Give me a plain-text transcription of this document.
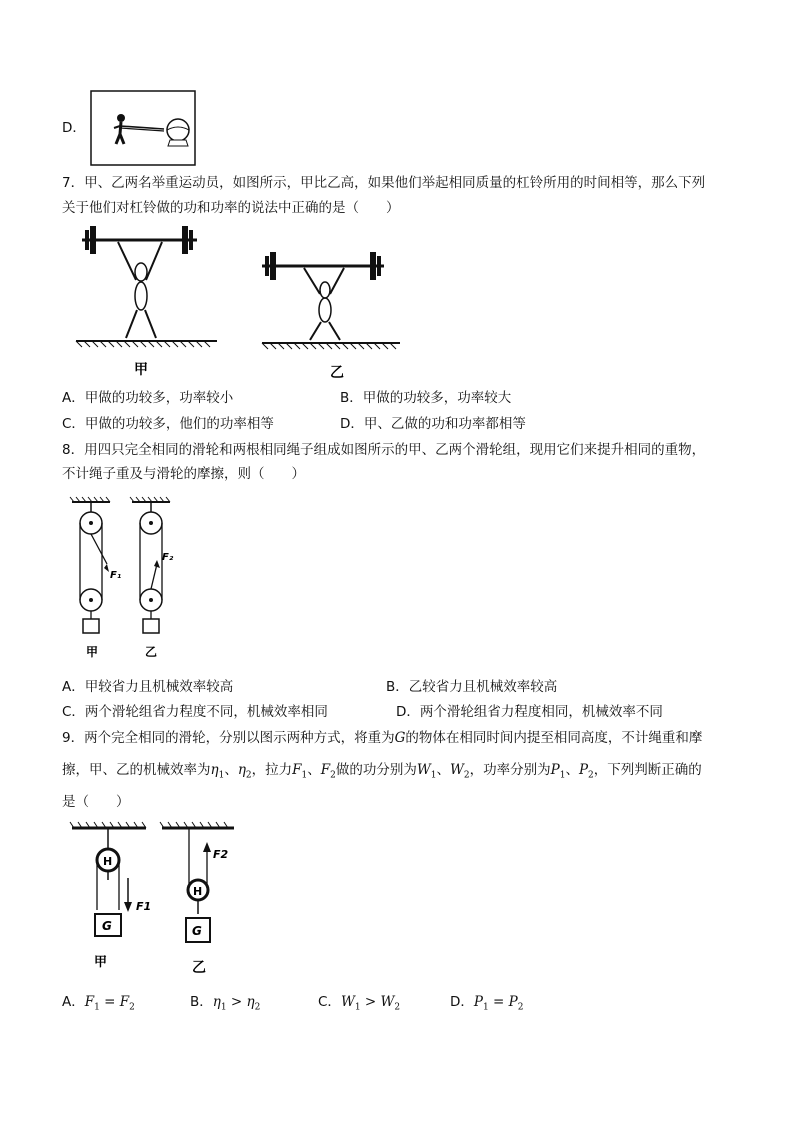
D．
7．甲、乙两名举重运动员，如图所示，甲比乙高，如果他们举起相同质量的杠铃所用的时间相等，那么下列
关于他们对杠铃做的功和功率的说法中正确的是（　　）
甲	乙
A．甲做的功较多，功率较小	B．甲做的功较多，功率较大
C．甲做的功较多，他们的功率相等	D．甲、乙做的功和功率都相等
8．用四只完全相同的滑轮和两根相同绳子组成如图所示的甲、乙两个滑轮组，现用它们来提升相同的重物，
不计绳子重及与滑轮的摩擦，则（　　）
F₁
甲
F₂
乙
A．甲较省力且机械效率较高	B．乙较省力且机械效率较高
C．两个滑轮组省力程度不同，机械效率相同	D．两个滑轮组省力程度相同，机械效率不同
9．两个完全相同的滑轮，分别以图示两种方式，将重为G的物体在相同时间内提至相同高度，不计绳重和摩
擦，甲、乙的机械效率为$\eta_1$、$\eta_2$，拉力$F_1$、$F_2$做的功分别为$W_1$、$W_2$，功率分别为$P_1$、$P_2$，下列判断正确的
是（　　）
H
G
F1
甲
H
G
F2
乙
A．$F_1 = F_2$	B．$\eta_1 > \eta_2$	C．$W_1 > W_2$	D．$P_1 = P_2$
